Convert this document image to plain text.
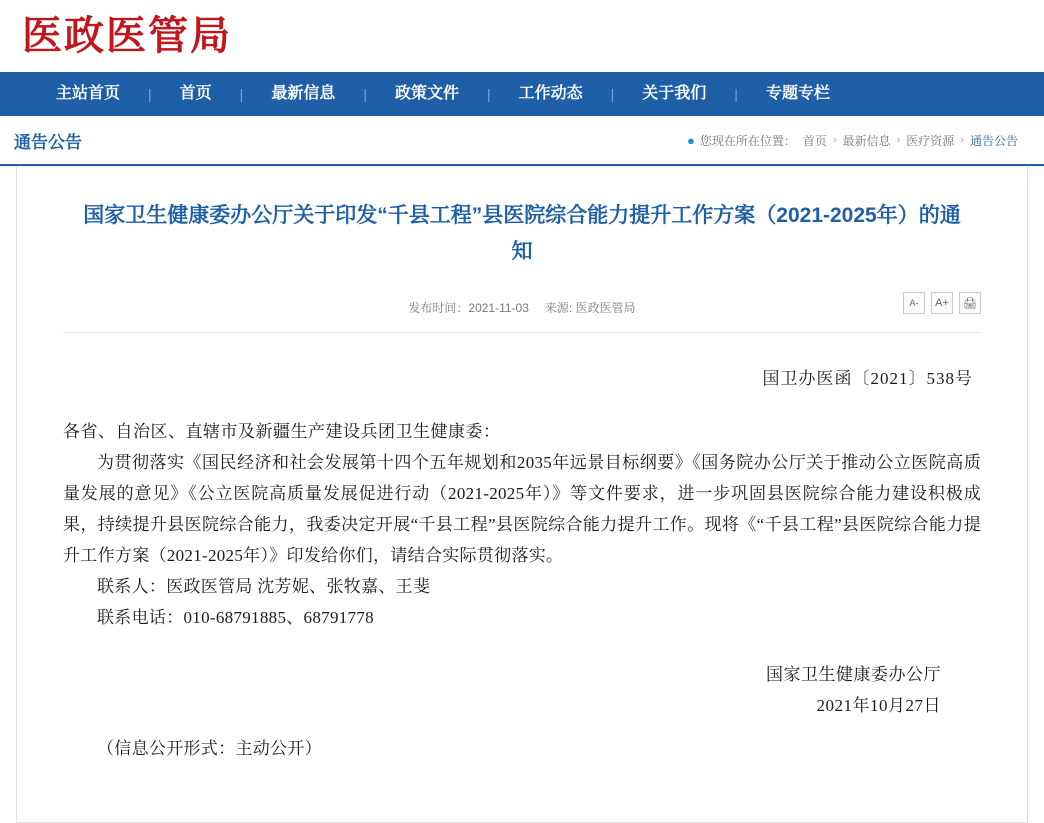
医政医管局
主站首页	|	首页	|	最新信息	|	政策文件	|	工作动态	|	关于我们	|	专题专栏
通告公告	● 您现在所在位置： 首页 › 最新信息 › 医疗资源 › 通告公告
国家卫生健康委办公厅关于印发“千县工程”县医院综合能力提升工作方案（2021-2025年）的通知
发布时间：2021-11-03 来源: 医政医管局	A-	A+	🖨
国卫办医函〔2021〕538号
各省、自治区、直辖市及新疆生产建设兵团卫生健康委：
为贯彻落实《国民经济和社会发展第十四个五年规划和2035年远景目标纲要》《国务院办公厅关于推动公立医院高质量发展的意见》《公立医院高质量发展促进行动（2021-2025年）》等文件要求，进一步巩固县医院综合能力建设积极成果，持续提升县医院综合能力，我委决定开展“千县工程”县医院综合能力提升工作。现将《“千县工程”县医院综合能力提升工作方案（2021-2025年）》印发给你们，请结合实际贯彻落实。
联系人：医政医管局 沈芳妮、张牧嘉、王斐
联系电话：010-68791885、68791778
国家卫生健康委办公厅
2021年10月27日
（信息公开形式：主动公开）
